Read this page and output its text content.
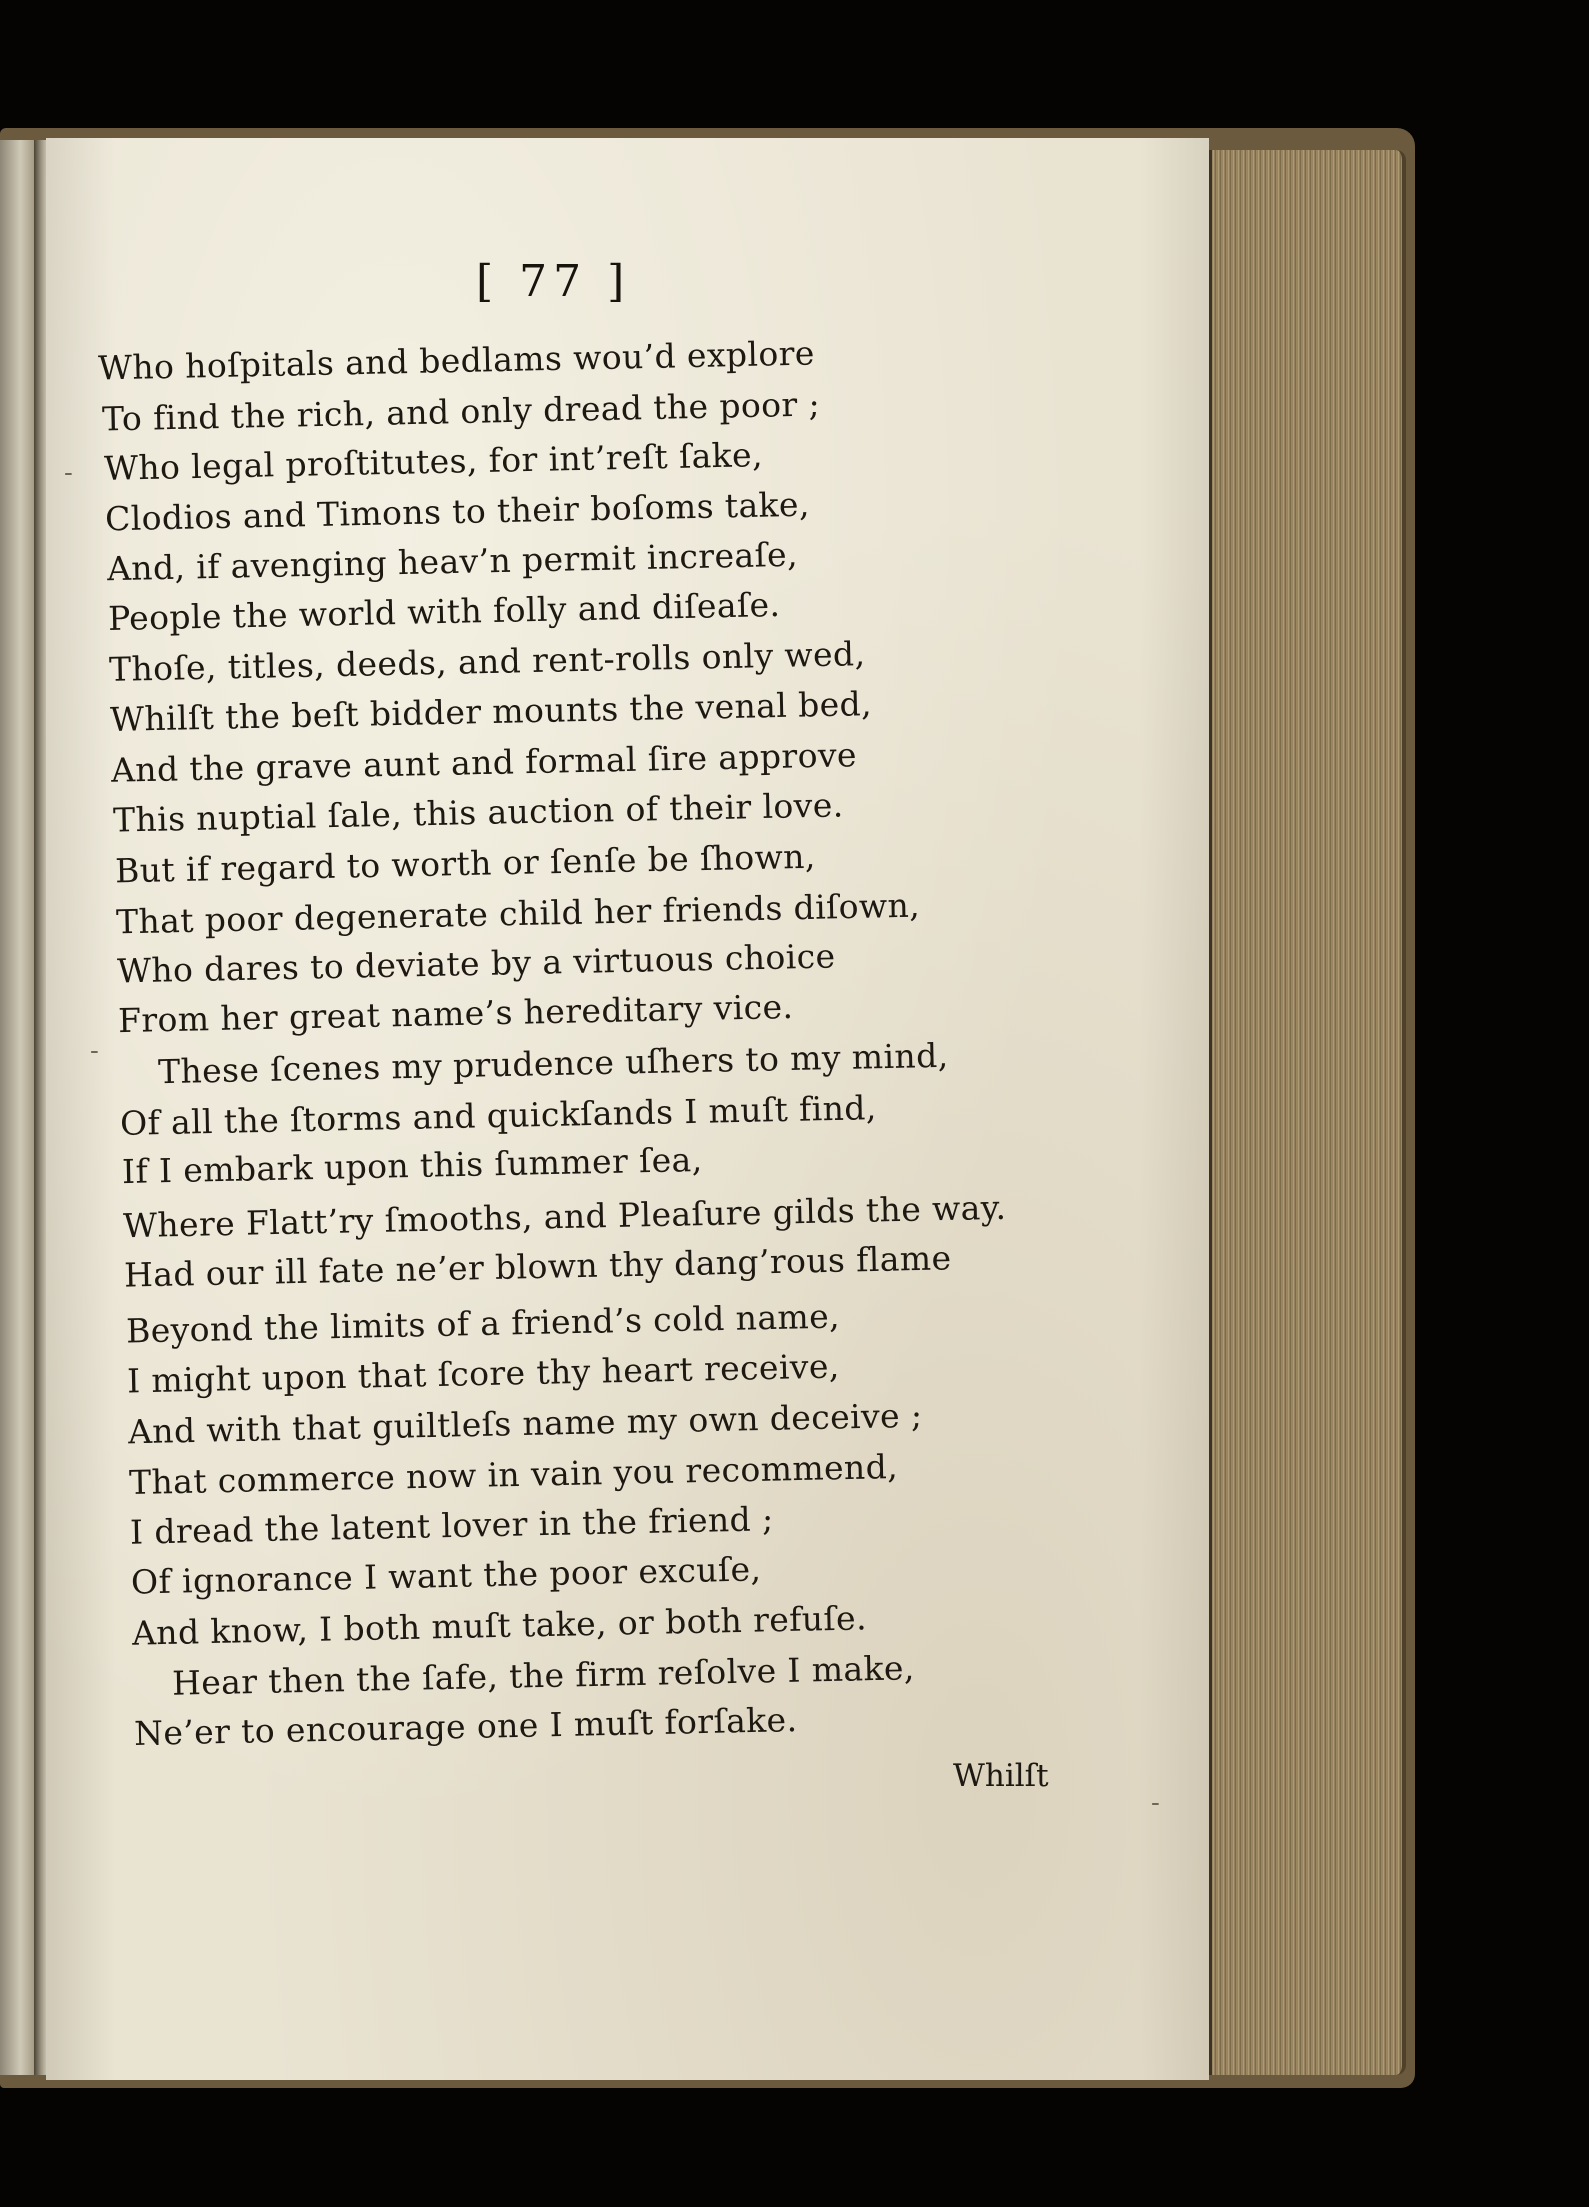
[ 77 ]
Who hoſpitals and bedlams wou’d explore
To find the rich, and only dread the poor ;
Who legal proſtitutes, for int’reſt ſake,
Clodios and Timons to their boſoms take,
And, if avenging heav’n permit increaſe,
People the world with folly and diſeaſe.
Thoſe, titles, deeds, and rent-rolls only wed,
Whilſt the beſt bidder mounts the venal bed,
And the grave aunt and formal ſire approve
This nuptial ſale, this auction of their love.
But if regard to worth or ſenſe be ſhown,
That poor degenerate child her friends diſown,
Who dares to deviate by a virtuous choice
From her great name’s hereditary vice.
These ſcenes my prudence uſhers to my mind,
Of all the ſtorms and quickſands I muſt find,
If I embark upon this ſummer ſea,
Where Flatt’ry ſmooths, and Pleaſure gilds the way.
Had our ill fate ne’er blown thy dang’rous flame
Beyond the limits of a friend’s cold name,
I might upon that ſcore thy heart receive,
And with that guiltleſs name my own deceive ;
That commerce now in vain you recommend,
I dread the latent lover in the friend ;
Of ignorance I want the poor excuſe,
And know, I both muſt take, or both refuſe.
Hear then the ſafe, the firm reſolve I make,
Ne’er to encourage one I muſt forſake.
Whilſt
-
-
-
